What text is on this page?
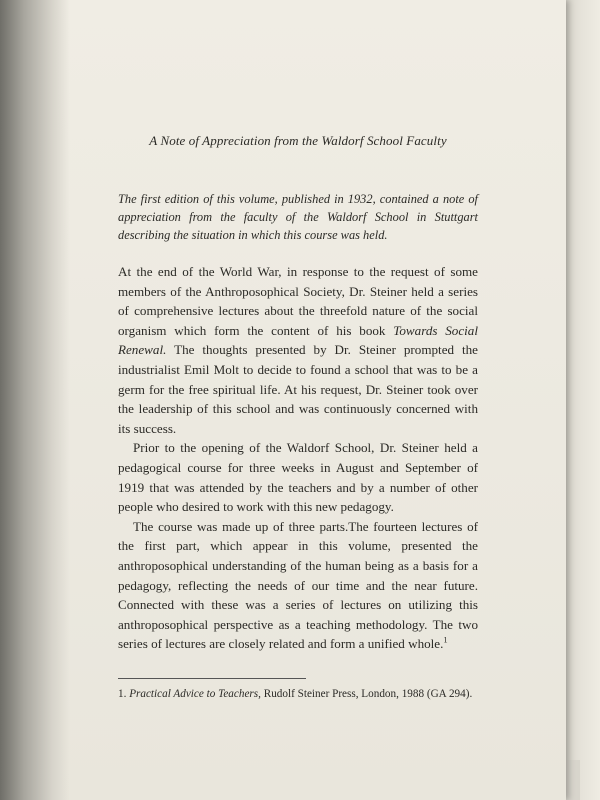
A Note of Appreciation from the Waldorf School Faculty
The first edition of this volume, published in 1932, contained a note of appreciation from the faculty of the Waldorf School in Stuttgart describing the situation in which this course was held.

At the end of the World War, in response to the request of some members of the Anthroposophical Society, Dr. Steiner held a series of comprehensive lectures about the threefold nature of the social organism which form the content of his book Towards Social Renewal. The thoughts presented by Dr. Steiner prompted the industrialist Emil Molt to decide to found a school that was to be a germ for the free spiritual life. At his request, Dr. Steiner took over the leadership of this school and was continuously concerned with its success.

Prior to the opening of the Waldorf School, Dr. Steiner held a pedagogical course for three weeks in August and September of 1919 that was attended by the teachers and by a number of other people who desired to work with this new pedagogy.

The course was made up of three parts.The fourteen lectures of the first part, which appear in this volume, presented the anthroposophical understanding of the human being as a basis for a pedagogy, reflecting the needs of our time and the near future. Connected with these was a series of lectures on utilizing this anthroposophical perspective as a teaching methodology. The two series of lectures are closely related and form a unified whole.$^1$

1. Practical Advice to Teachers, Rudolf Steiner Press, London, 1988 (GA 294).
